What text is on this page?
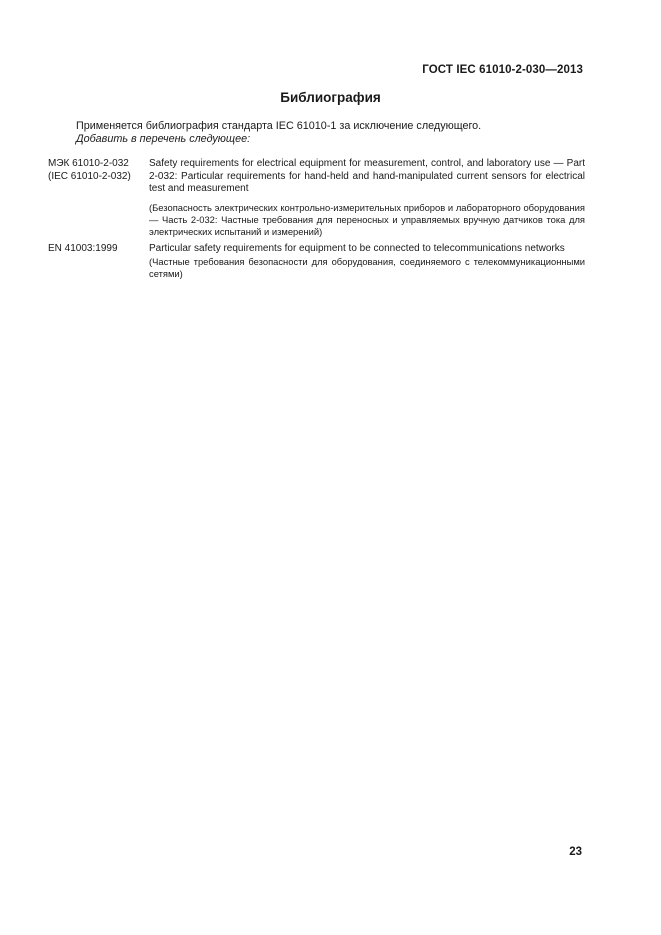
ГОСТ IEC 61010-2-030—2013
Библиография
Применяется библиография стандарта IEC 61010-1 за исключение следующего.
Добавить в перечень следующее:
МЭК 61010-2-032
(IEC 61010-2-032)
Safety requirements for electrical equipment for measurement, control, and laboratory use — Part 2-032: Particular requirements for hand-held and hand-manipulated current sensors for electrical test and measurement
(Безопасность электрических контрольно-измерительных приборов и лабораторного оборудования — Часть 2-032: Частные требования для переносных и управляемых вручную датчиков тока для электрических испытаний и измерений)
EN 41003:1999	Particular safety requirements for equipment to be connected to telecommunications networks
(Частные требования безопасности для оборудования, соединяемого с телекоммуникационными сетями)
23
